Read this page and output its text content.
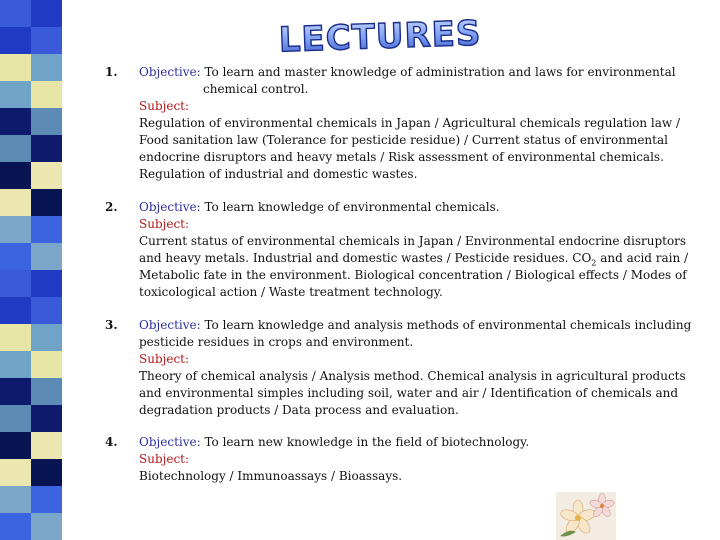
LECTURES
1.	Objective: To learn and master knowledge of administration and laws for environmental
chemical control.
Subject:
Regulation of environmental chemicals in Japan / Agricultural chemicals regulation law /
Food sanitation law (Tolerance for pesticide residue) / Current status of environmental
endocrine disruptors and heavy metals / Risk assessment of environmental chemicals.
Regulation of industrial and domestic wastes.
2.	Objective: To learn knowledge of environmental chemicals.
Subject:
Current status of environmental chemicals in Japan / Environmental endocrine disruptors
and heavy metals. Industrial and domestic wastes / Pesticide residues. $CO_2$ and acid rain /
Metabolic fate in the environment. Biological concentration / Biological effects / Modes of
toxicological action / Waste treatment technology.
3.	Objective: To learn knowledge and analysis methods of environmental chemicals including
pesticide residues in crops and environment.
Subject:
Theory of chemical analysis / Analysis method. Chemical analysis in agricultural products
and environmental simples including soil, water and air / Identification of chemicals and
degradation products / Data process and evaluation.
4.	Objective: To learn new knowledge in the field of biotechnology.
Subject:
Biotechnology / Immunoassays / Bioassays.
